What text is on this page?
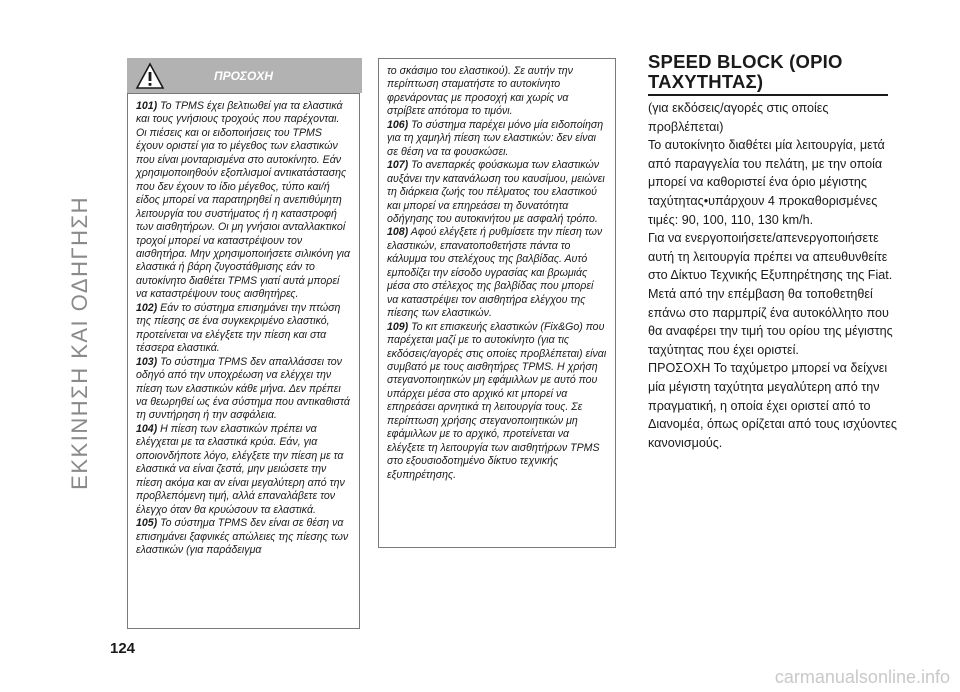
ΕΚΚΙΝΗΣΗ ΚΑΙ ΟΔΗΓΗΣΗ
124
ΠΡΟΣΟΧΗ

101) Το TPMS έχει βελτιωθεί για τα ελαστικά και τους γνήσιους τροχούς που παρέχονται. Οι πιέσεις και οι ειδοποιήσεις του TPMS έχουν οριστεί για το μέγεθος των ελαστικών που είναι μονταρισμένα στο αυτοκίνητο. Εάν χρησιμοποιηθούν εξοπλισμοί αντικατάστασης που δεν έχουν το ίδιο μέγεθος, τύπο και/ή είδος μπορεί να παρατηρηθεί η ανεπιθύμητη λειτουργία του συστήματος ή η καταστροφή των αισθητήρων. Οι μη γνήσιοι ανταλλακτικοί τροχοί μπορεί να καταστρέψουν τον αισθητήρα. Μην χρησιμοποιήσετε σιλικόνη για ελαστικά ή βάρη ζυγοστάθμισης εάν το αυτοκίνητο διαθέτει TPMS γιατί αυτά μπορεί να καταστρέψουν τους αισθητήρες.

102) Εάν το σύστημα επισημάνει την πτώση της πίεσης σε ένα συγκεκριμένο ελαστικό, προτείνεται να ελέγξετε την πίεση και στα τέσσερα ελαστικά.

103) Το σύστημα TPMS δεν απαλλάσσει τον οδηγό από την υποχρέωση να ελέγχει την πίεση των ελαστικών κάθε μήνα. Δεν πρέπει να θεωρηθεί ως ένα σύστημα που αντικαθιστά τη συντήρηση ή την ασφάλεια.

104) Η πίεση των ελαστικών πρέπει να ελέγχεται με τα ελαστικά κρύα. Εάν, για οποιονδήποτε λόγο, ελέγξετε την πίεση με τα ελαστικά να είναι ζεστά, μην μειώσετε την πίεση ακόμα και αν είναι μεγαλύτερη από την προβλεπόμενη τιμή, αλλά επαναλάβετε τον έλεγχο όταν θα κρυώσουν τα ελαστικά.

105) Το σύστημα TPMS δεν είναι σε θέση να επισημάνει ξαφνικές απώλειες της πίεσης των ελαστικών (για παράδειγμα

το σκάσιμο του ελαστικού). Σε αυτήν την περίπτωση σταματήστε το αυτοκίνητο φρενάροντας με προσοχή και χωρίς να στρίβετε απότομα το τιμόνι.

106) Το σύστημα παρέχει μόνο μία ειδοποίηση για τη χαμηλή πίεση των ελαστικών: δεν είναι σε θέση να τα φουσκώσει.

107) Το ανεπαρκές φούσκωμα των ελαστικών αυξάνει την κατανάλωση του καυσίμου, μειώνει τη διάρκεια ζωής του πέλματος του ελαστικού και μπορεί να επηρεάσει τη δυνατότητα οδήγησης του αυτοκινήτου με ασφαλή τρόπο.

108) Αφού ελέγξετε ή ρυθμίσετε την πίεση των ελαστικών, επανατοποθετήστε πάντα το κάλυμμα του στελέχους της βαλβίδας. Αυτό εμποδίζει την είσοδο υγρασίας και βρωμιάς μέσα στο στέλεχος της βαλβίδας που μπορεί να καταστρέψει τον αισθητήρα ελέγχου της πίεσης των ελαστικών.

109) Το κιτ επισκευής ελαστικών (Fix&Go) που παρέχεται μαζί με το αυτοκίνητο (για τις εκδόσεις/αγορές στις οποίες προβλέπεται) είναι συμβατό με τους αισθητήρες TPMS. Η χρήση στεγανοποιητικών μη εφάμιλλων με αυτό που υπάρχει μέσα στο αρχικό κιτ μπορεί να επηρεάσει αρνητικά τη λειτουργία τους. Σε περίπτωση χρήσης στεγανοποιητικών μη εφάμιλλων με το αρχικό, προτείνεται να ελέγξετε τη λειτουργία των αισθητήρων TPMS στο εξουσιοδοτημένο δίκτυο τεχνικής εξυπηρέτησης.

SPEED BLOCK (ΟΡΙΟ ΤΑΧΥΤΗΤΑΣ)

(για εκδόσεις/αγορές στις οποίες προβλέπεται)

Το αυτοκίνητο διαθέτει μία λειτουργία, μετά από παραγγελία του πελάτη, με την οποία μπορεί να καθοριστεί ένα όριο μέγιστης ταχύτητας•υπάρχουν 4 προκαθορισμένες τιμές: 90, 100, 110, 130 km/h.

Για να ενεργοποιήσετε/απενεργοποιήσετε αυτή τη λειτουργία πρέπει να απευθυνθείτε στο Δίκτυο Τεχνικής Εξυπηρέτησης της Fiat.

Μετά από την επέμβαση θα τοποθετηθεί επάνω στο παρμπρίζ ένα αυτοκόλλητο που θα αναφέρει την τιμή του ορίου της μέγιστης ταχύτητας που έχει οριστεί.

ΠΡΟΣΟΧΗ Το ταχύμετρο μπορεί να δείχνει μία μέγιστη ταχύτητα μεγαλύτερη από την πραγματική, η οποία έχει οριστεί από το Διανομέα, όπως ορίζεται από τους ισχύοντες κανονισμούς.

carmanualsonline.info
